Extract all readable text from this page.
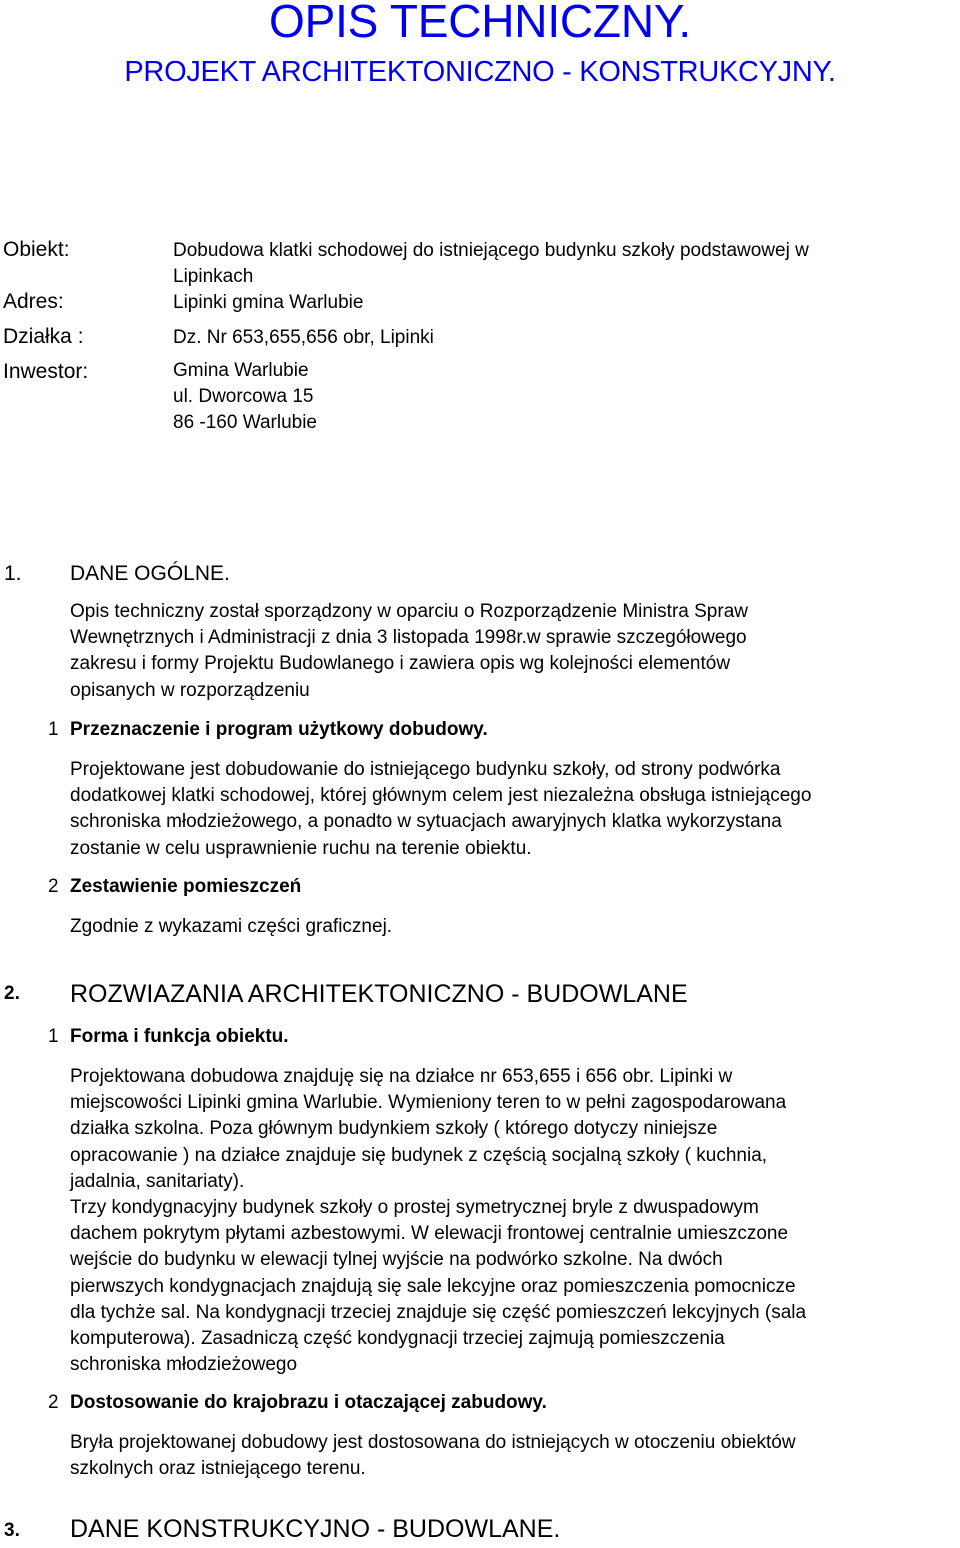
OPIS TECHNICZNY.
PROJEKT ARCHITEKTONICZNO - KONSTRUKCYJNY.
Obiekt:	Dobudowa klatki schodowej do istniejącego budynku szkoły podstawowej w
Lipinkach
Adres:	Lipinki gmina Warlubie
Działka :	Dz. Nr 653,655,656 obr, Lipinki
Inwestor:	Gmina Warlubie
ul. Dworcowa 15
86 -160 Warlubie
1. DANE OGÓLNE.
Opis techniczny został sporządzony w oparciu o Rozporządzenie Ministra Spraw
Wewnętrznych i Administracji z dnia 3 listopada 1998r.w sprawie szczegółowego
zakresu i formy Projektu Budowlanego i zawiera opis wg kolejności elementów
opisanych w rozporządzeniu
1 Przeznaczenie i program użytkowy dobudowy.
Projektowane jest dobudowanie do istniejącego budynku szkoły, od strony podwórka
dodatkowej klatki schodowej, której głównym celem jest niezależna obsługa istniejącego
schroniska młodzieżowego, a ponadto w sytuacjach awaryjnych klatka wykorzystana
zostanie w celu usprawnienie ruchu na terenie obiektu.
2 Zestawienie pomieszczeń
Zgodnie z wykazami części graficznej.
2. ROZWIAZANIA ARCHITEKTONICZNO - BUDOWLANE
1 Forma i funkcja obiektu.
Projektowana dobudowa znajduję się na działce nr 653,655 i 656 obr. Lipinki w
miejscowości Lipinki gmina Warlubie. Wymieniony teren to w pełni zagospodarowana
działka szkolna. Poza głównym budynkiem szkoły ( którego dotyczy niniejsze
opracowanie ) na działce znajduje się budynek z częścią socjalną szkoły ( kuchnia,
jadalnia, sanitariaty).
Trzy kondygnacyjny budynek szkoły o prostej symetrycznej bryle z dwuspadowym
dachem pokrytym płytami azbestowymi. W elewacji frontowej centralnie umieszczone
wejście do budynku w elewacji tylnej wyjście na podwórko szkolne. Na dwóch
pierwszych kondygnacjach znajdują się sale lekcyjne oraz pomieszczenia pomocnicze
dla tychże sal. Na kondygnacji trzeciej znajduje się część pomieszczeń lekcyjnych (sala
komputerowa). Zasadniczą część kondygnacji trzeciej zajmują pomieszczenia
schroniska młodzieżowego
2 Dostosowanie do krajobrazu i otaczającej zabudowy.
Bryła projektowanej dobudowy jest dostosowana do istniejących w otoczeniu obiektów
szkolnych oraz istniejącego terenu.
3. DANE KONSTRUKCYJNO - BUDOWLANE.
